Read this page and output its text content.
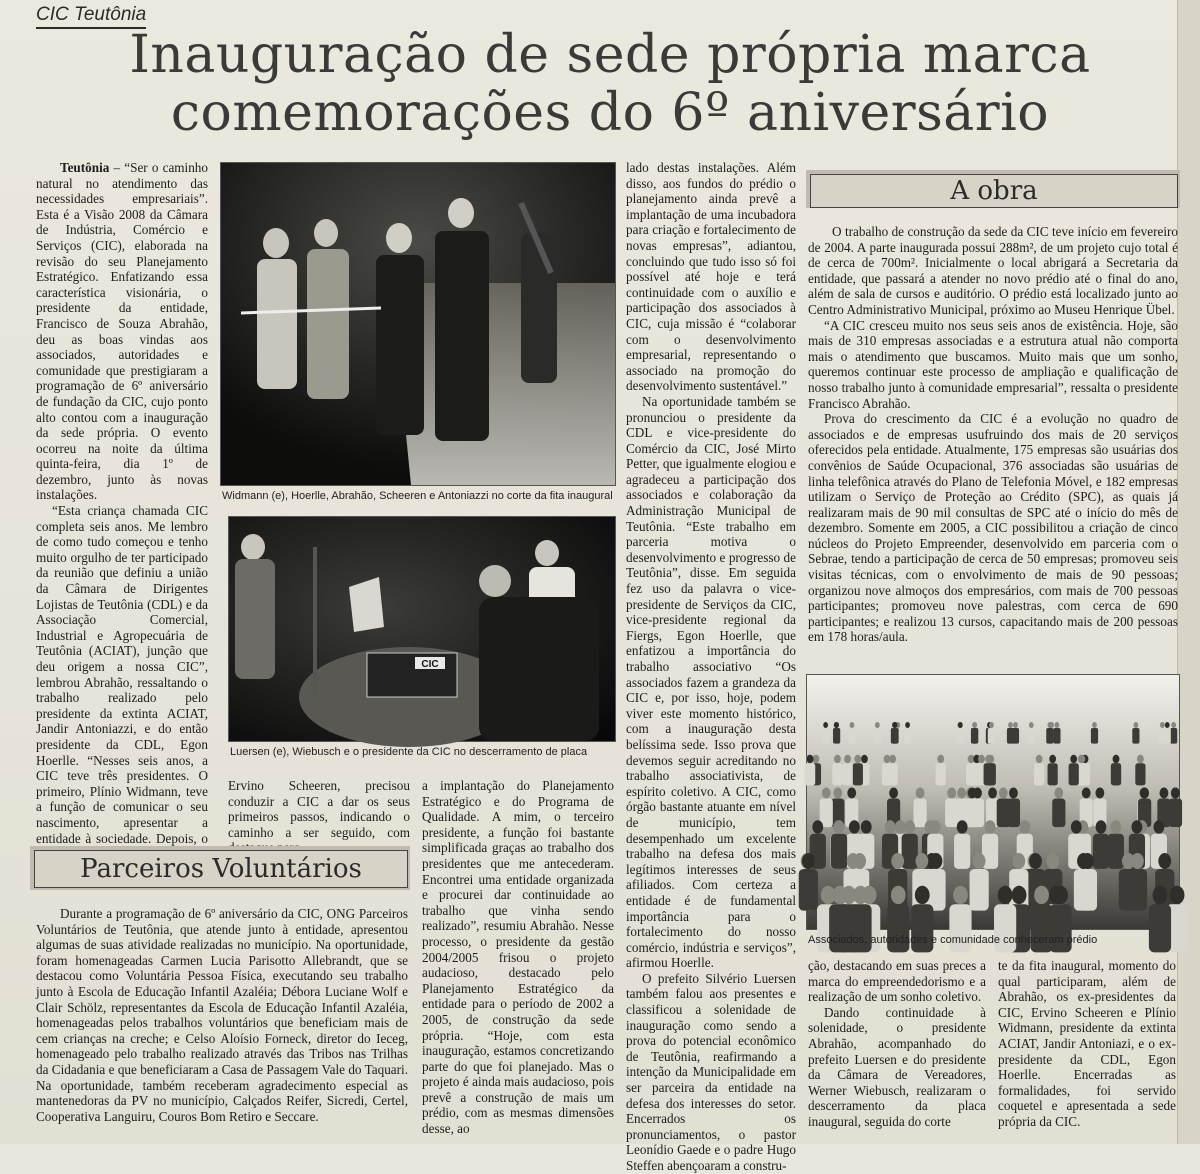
CIC Teutônia
Inauguração de sede própria marca comemorações do 6º aniversário

Teutônia – “Ser o caminho natural no atendimento das necessidades empresariais”. Esta é a Visão 2008 da Câmara de Indústria, Comércio e Serviços (CIC), elaborada na revisão do seu Planejamento Estratégico. Enfatizando essa característica visionária, o presidente da entidade, Francisco de Souza Abrahão, deu as boas vindas aos associados, autoridades e comunidade que prestigiaram a programação de 6º aniversário de fundação da CIC, cujo ponto alto contou com a inauguração da sede própria. O evento ocorreu na noite da última quinta-feira, dia 1º de dezembro, junto às novas instalações.

“Esta criança chamada CIC completa seis anos. Me lembro de como tudo começou e tenho muito orgulho de ter participado da reunião que definiu a união da Câmara de Dirigentes Lojistas de Teutônia (CDL) e da Associação Comercial, Industrial e Agropecuária de Teutônia (ACIAT), junção que deu origem a nossa CIC”, lembrou Abrahão, ressaltando o trabalho realizado pelo presidente da extinta ACIAT, Jandir Antoniazzi, e do então presidente da CDL, Egon Hoerlle. “Nesses seis anos, a CIC teve três presidentes. O primeiro, Plínio Widmann, teve a função de comunicar o seu nascimento, apresentar a entidade à sociedade. Depois, o

Widmann (e), Hoerlle, Abrahão, Scheeren e Antoniazzi no corte da fita inaugural
CIC
Luersen (e), Wiebusch e o presidente da CIC no descerramento de placa

lado destas instalações. Além disso, aos fundos do prédio o planejamento ainda prevê a implantação de uma incubadora para criação e fortalecimento de novas empresas”, adiantou, concluindo que tudo isso só foi possível até hoje e terá continuidade com o auxílio e participação dos associados à CIC, cuja missão é “colaborar com o desenvolvimento empresarial, representando o associado na promoção do desenvolvimento sustentável.”

Na oportunidade também se pronunciou o presidente da CDL e vice-presidente do Comércio da CIC, José Mirto Petter, que igualmente elogiou e agradeceu a participação dos associados e colaboração da Administração Municipal de Teutônia. “Este trabalho em parceria motiva o desenvolvimento e progresso de Teutônia”, disse. Em seguida fez uso da palavra o vice-presidente de Serviços da CIC, vice-presidente regional da Fiergs, Egon Hoerlle, que enfatizou a importância do trabalho associativo “Os associados fazem a grandeza da CIC e, por isso, hoje, podem viver este momento histórico, com a inauguração desta belíssima sede. Isso prova que devemos seguir acreditando no trabalho associativista, de espírito coletivo. A CIC, como órgão bastante atuante em nível de município, tem desempenhado um excelente trabalho na defesa dos mais legítimos interesses de seus afiliados. Com certeza a entidade é de fundamental importância para o fortalecimento do nosso comércio, indústria e serviços”, afirmou Hoerlle.

O prefeito Silvério Luersen também falou aos presentes e classificou a solenidade de inauguração como sendo a prova do potencial econômico de Teutônia, reafirmando a intenção da Municipalidade em ser parceira da entidade na defesa dos interesses do setor. Encerrados os pronunciamentos, o pastor Leonídio Gaede e o padre Hugo Steffen abençoaram a constru-

Ervino Scheeren, precisou conduzir a CIC a dar os seus primeiros passos, indicando o caminho a ser seguido, com

a implantação do Planejamento Estratégico e do Programa de Qualidade. A mim, o terceiro presidente, a função foi bastante simplificada graças ao trabalho dos presidentes que me antecederam. Encontrei uma entidade organizada e procurei dar continuidade ao trabalho que vinha sendo realizado”, resumiu Abrahão. Nesse processo, o presidente da gestão 2004/2005 frisou o projeto audacioso, destacado pelo Planejamento Estratégico da entidade para o período de 2002 a 2005, de construção da sede própria. “Hoje, com esta inauguração, estamos concretizando parte do que foi planejado. Mas o projeto é ainda mais audacioso, pois prevê a construção de mais um prédio, com as mesmas dimensões desse, ao

Parceiros Voluntários

Durante a programação de 6º aniversário da CIC, ONG Parceiros Voluntários de Teutônia, que atende junto à entidade, apresentou algumas de suas atividade realizadas no município. Na oportunidade, foram homenageadas Carmen Lucia Parisotto Allebrandt, que se destacou como Voluntária Pessoa Física, executando seu trabalho junto à Escola de Educação Infantil Azaléia; Débora Luciane Wolf e Clair Schölz, representantes da Escola de Educação Infantil Azaléia, homenageadas pelos trabalhos voluntários que beneficiam mais de cem crianças na creche; e Celso Aloísio Forneck, diretor do Ieceg, homenageado pelo trabalho realizado através das Tribos nas Trilhas da Cidadania e que beneficiaram a Casa de Passagem Vale do Taquari. Na oportunidade, também receberam agradecimento especial as mantenedoras da PV no município, Calçados Reifer, Sicredi, Certel, Cooperativa Languiru, Couros Bom Retiro e Seccare.

A obra

O trabalho de construção da sede da CIC teve início em fevereiro de 2004. A parte inaugurada possui 288m², de um projeto cujo total é de cerca de 700m². Inicialmente o local abrigará a Secretaria da entidade, que passará a atender no novo prédio até o final do ano, além de sala de cursos e auditório. O prédio está localizado junto ao Centro Administrativo Municipal, próximo ao Museu Henrique Übel.

“A CIC cresceu muito nos seus seis anos de existência. Hoje, são mais de 310 empresas associadas e a estrutura atual não comporta mais o atendimento que buscamos. Muito mais que um sonho, queremos continuar este processo de ampliação e qualificação de nosso trabalho junto à comunidade empresarial”, ressalta o presidente Francisco Abrahão.

Prova do crescimento da CIC é a evolução no quadro de associados e de empresas usufruindo dos mais de 20 serviços oferecidos pela entidade. Atualmente, 175 empresas são usuárias dos convênios de Saúde Ocupacional, 376 associadas são usuárias de linha telefônica através do Plano de Telefonia Móvel, e 182 empresas utilizam o Serviço de Proteção ao Crédito (SPC), as quais já realizaram mais de 90 mil consultas de SPC até o início do mês de dezembro. Somente em 2005, a CIC possibilitou a criação de cinco núcleos do Projeto Empreender, desenvolvido em parceria com o Sebrae, tendo a participação de cerca de 50 empresas; promoveu seis visitas técnicas, com o envolvimento de mais de 90 pessoas; organizou nove almoços dos empresários, com mais de 700 pessoas participantes; promoveu nove palestras, com cerca de 690 participantes; e realizou 13 cursos, capacitando mais de 200 pessoas em 178 horas/aula.

Associados, autoridades e comunidade conheceram prédio

ção, destacando em suas preces a marca do empreendedorismo e a realização de um sonho coletivo.

Dando continuidade à solenidade, o presidente Abrahão, acompanhado do prefeito Luersen e do presidente da Câmara de Vereadores, Werner Wiebusch, realizaram o descerramento da placa inaugural, seguida do corte

te da fita inaugural, momento do qual participaram, além de Abrahão, os ex-presidentes da CIC, Ervino Scheeren e Plínio Widmann, presidente da extinta ACIAT, Jandir Antoniazi, e o ex-presidente da CDL, Egon Hoerlle. Encerradas as formalidades, foi servido coquetel e apresentada a sede própria da CIC.
